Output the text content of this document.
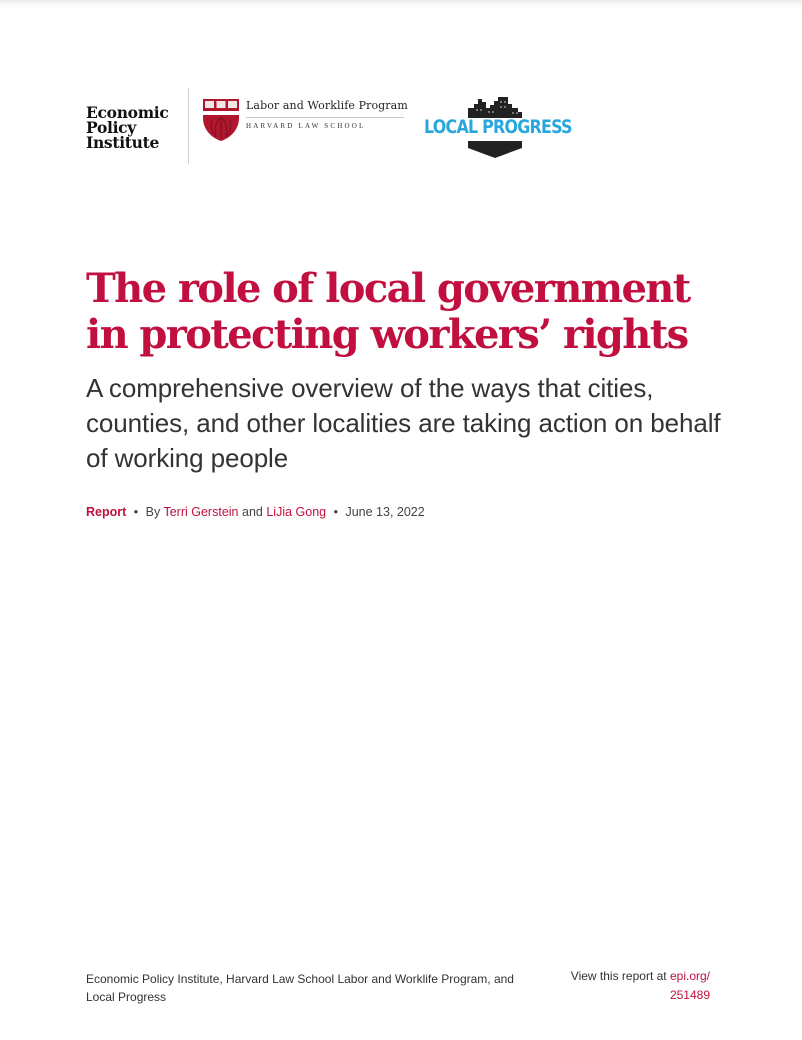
Economic
Policy
Institute
Labor and Worklife Program
HARVARD LAW SCHOOL	LOCAL PROGRESS
The role of local government in protecting workers’ rights

A comprehensive overview of the ways that cities, counties, and other localities are taking action on behalf of working people

Report • By Terri Gerstein and LiJia Gong • June 13, 2022
Economic Policy Institute, Harvard Law School Labor and Worklife Program, and Local Progress
View this report at epi.org/
251489
